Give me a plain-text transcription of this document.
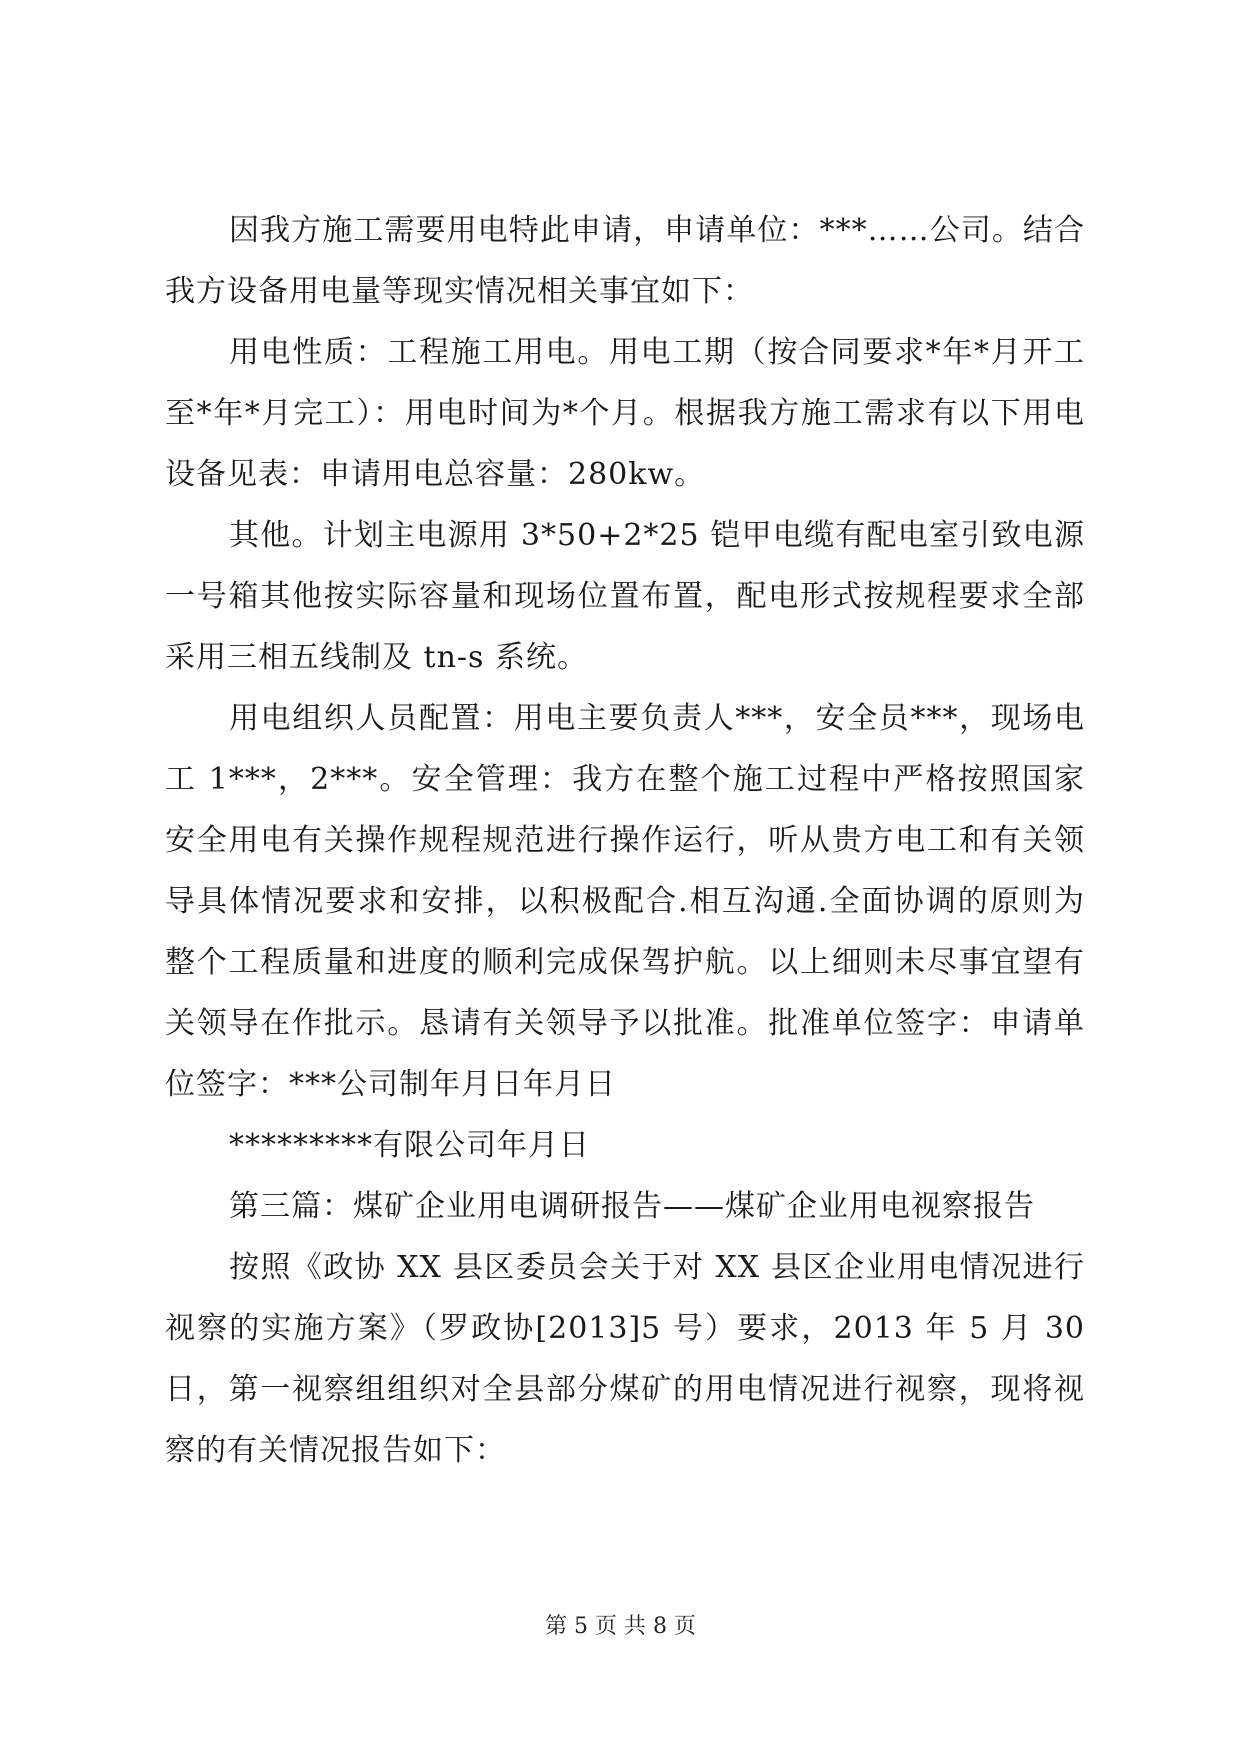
因我方施工需要用电特此申请，申请单位：***……公司。结合我方设备用电量等现实情况相关事宜如下：

用电性质：工程施工用电。用电工期（按合同要求*年*月开工至*年*月完工）：用电时间为*个月。根据我方施工需求有以下用电设备见表：申请用电总容量：280kw。

其他。计划主电源用 3*50+2*25 铠甲电缆有配电室引致电源一号箱其他按实际容量和现场位置布置，配电形式按规程要求全部采用三相五线制及 tn-s 系统。

用电组织人员配置：用电主要负责人***，安全员***，现场电工 1***，2***。安全管理：我方在整个施工过程中严格按照国家安全用电有关操作规程规范进行操作运行，听从贵方电工和有关领导具体情况要求和安排，以积极配合.相互沟通.全面协调的原则为整个工程质量和进度的顺利完成保驾护航。以上细则未尽事宜望有关领导在作批示。恳请有关领导予以批准。批准单位签字：申请单位签字：***公司制年月日年月日

*********有限公司年月日

第三篇：煤矿企业用电调研报告——煤矿企业用电视察报告

按照《政协 XX 县区委员会关于对 XX 县区企业用电情况进行视察的实施方案》（罗政协[2013]5 号）要求，2013 年 5 月 30 日，第一视察组组织对全县部分煤矿的用电情况进行视察，现将视察的有关情况报告如下：

第 5 页 共 8 页
